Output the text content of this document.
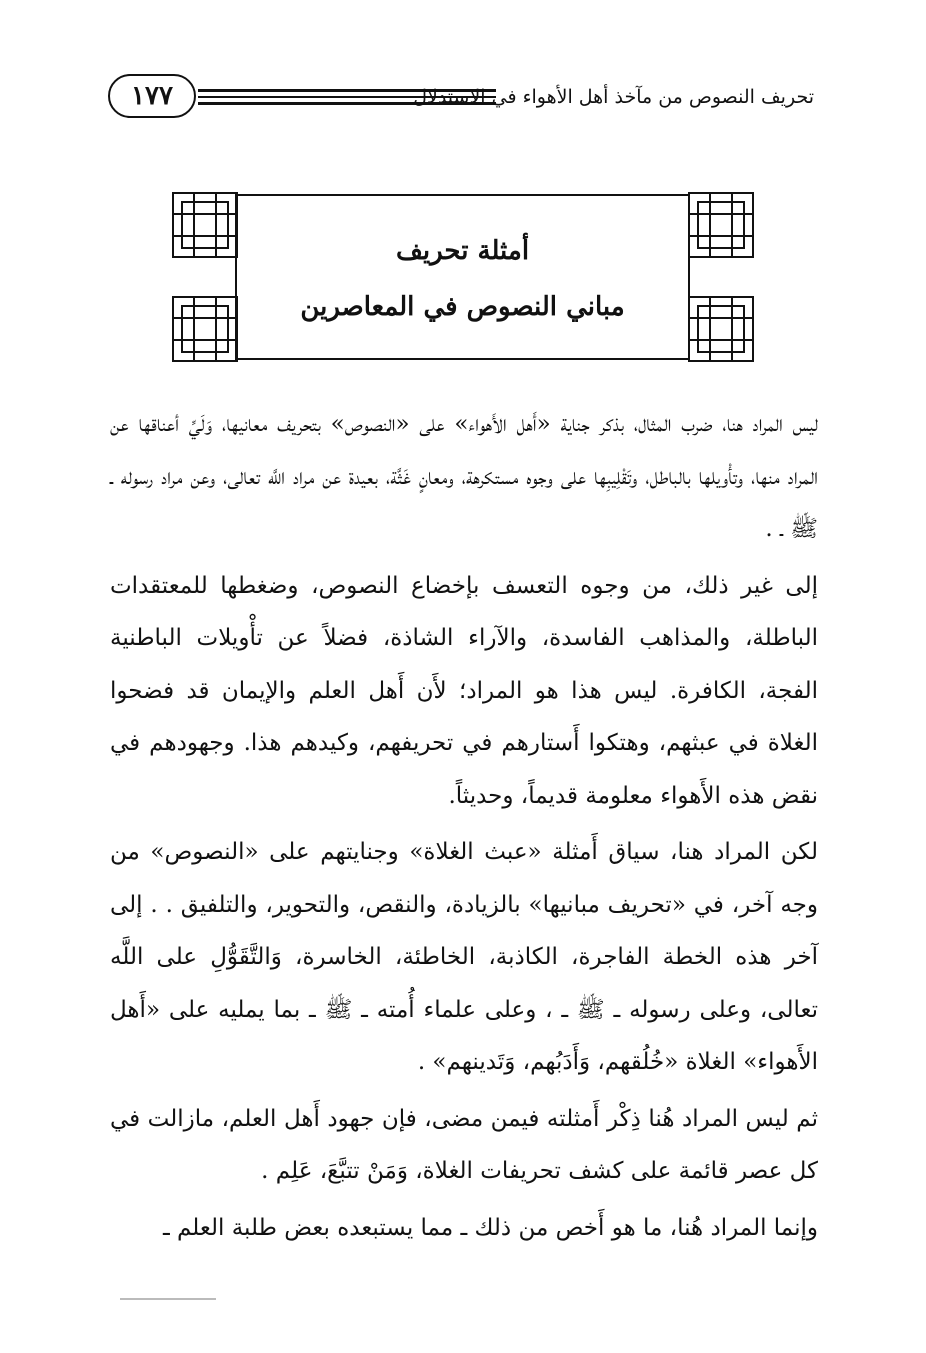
١٧٧	تحريف النصوص من مآخذ أهل الأهواء في الاستدلال
أمثلة تحريف
مباني النصوص في المعاصرين

ليس المراد هنا، ضرب المثال، بذكر جناية «أَهل الأَهواء» على «النصوص» بتحريف معانيها، وَلَيِّ أعناقها عن المراد منها، وتأْويلها بالباطل، وتَقْلِيبِها على وجوه مستكرهة، ومعانٍ غَثَّة، بعيدة عن مراد اللَّه تعالى، وعن مراد رسوله ـ ﷺ ـ .

إلى غير ذلك، من وجوه التعسف بإخضاع النصوص، وضغطها للمعتقدات الباطلة، والمذاهب الفاسدة، والآراء الشاذة، فضلاً عن تأْويلات الباطنية الفجة، الكافرة. ليس هذا هو المراد؛ لأَن أَهل العلم والإيمان قد فضحوا الغلاة في عبثهم، وهتكوا أَستارهم في تحريفهم، وكيدهم هذا. وجهودهم في نقض هذه الأَهواء معلومة قديماً، وحديثاً.

لكن المراد هنا، سياق أَمثلة «عبث الغلاة» وجنايتهم على «النصوص» من وجه آخر، في «تحريف مبانيها» بالزيادة، والنقص، والتحوير، والتلفيق . . إلى آخر هذه الخطة الفاجرة، الكاذبة، الخاطئة، الخاسرة، وَالتَّقَوُّلِ على اللَّه تعالى، وعلى رسوله ـ ﷺ ـ ، وعلى علماء أُمته ـ ﷺ ـ بما يمليه على «أَهل الأَهواء» الغلاة «خُلُقهم، وَأَدَبُهم، وَتَدينهم» .

ثم ليس المراد هُنا ذِكْر أَمثلته فيمن مضى، فإن جهود أَهل العلم، مازالت في كل عصر قائمة على كشف تحريفات الغلاة، وَمَنْ تتبَّعَ، عَلِم .

وإنما المراد هُنا، ما هو أَخص من ذلك ـ مما يستبعده بعض طلبة العلم ـ
